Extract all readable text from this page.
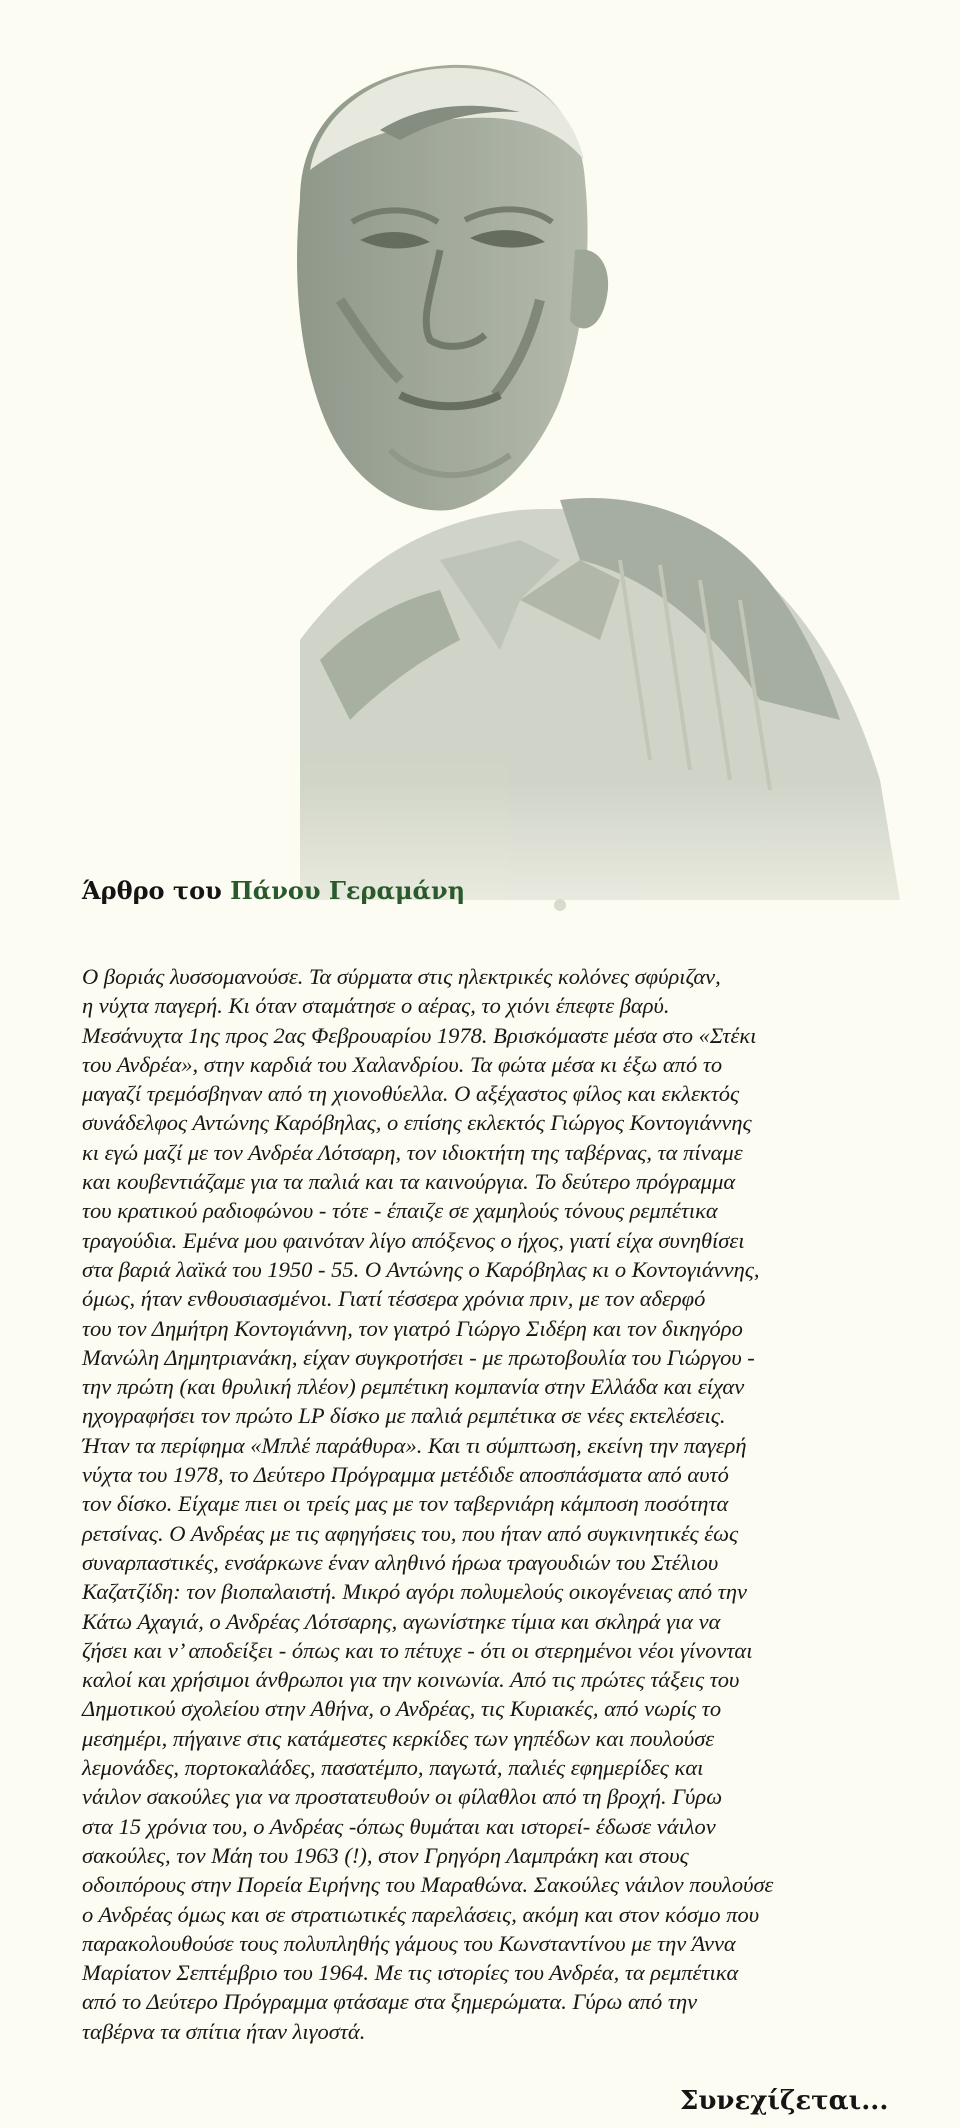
Άρθρο του Πάνου Γεραμάνη
Ο βοριάς λυσσομανούσε. Τα σύρματα στις ηλεκτρικές κολόνες σφύριζαν,
η νύχτα παγερή. Κι όταν σταμάτησε ο αέρας, το χιόνι έπεφτε βαρύ.
Μεσάνυχτα 1ης προς 2ας Φεβρουαρίου 1978. Βρισκόμαστε μέσα στο «Στέκι
του Ανδρέα», στην καρδιά του Χαλανδρίου. Τα φώτα μέσα κι έξω από το
μαγαζί τρεμόσβηναν από τη χιονοθύελλα. Ο αξέχαστος φίλος και εκλεκτός
συνάδελφος Αντώνης Καρόβηλας, ο επίσης εκλεκτός Γιώργος Κοντογιάννης
κι εγώ μαζί με τον Ανδρέα Λότσαρη, τον ιδιοκτήτη της ταβέρνας, τα πίναμε
και κουβεντιάζαμε για τα παλιά και τα καινούργια. Το δεύτερο πρόγραμμα
του κρατικού ραδιοφώνου - τότε - έπαιζε σε χαμηλούς τόνους ρεμπέτικα
τραγούδια. Εμένα μου φαινόταν λίγο απόξενος ο ήχος, γιατί είχα συνηθίσει
στα βαριά λαϊκά του 1950 - 55. Ο Αντώνης ο Καρόβηλας κι ο Κοντογιάννης,
όμως, ήταν ενθουσιασμένοι. Γιατί τέσσερα χρόνια πριν, με τον αδερφό
του τον Δημήτρη Κοντογιάννη, τον γιατρό Γιώργο Σιδέρη και τον δικηγόρο
Μανώλη Δημητριανάκη, είχαν συγκροτήσει - με πρωτοβουλία του Γιώργου -
την πρώτη (και θρυλική πλέον) ρεμπέτικη κομπανία στην Ελλάδα και είχαν
ηχογραφήσει τον πρώτο LP δίσκο με παλιά ρεμπέτικα σε νέες εκτελέσεις.
Ήταν τα περίφημα «Μπλέ παράθυρα». Και τι σύμπτωση, εκείνη την παγερή
νύχτα του 1978, το Δεύτερο Πρόγραμμα μετέδιδε αποσπάσματα από αυτό
τον δίσκο. Είχαμε πιει οι τρείς μας με τον ταβερνιάρη κάμποση ποσότητα
ρετσίνας. Ο Ανδρέας με τις αφηγήσεις του, που ήταν από συγκινητικές έως
συναρπαστικές, ενσάρκωνε έναν αληθινό ήρωα τραγουδιών του Στέλιου
Καζατζίδη: τον βιοπαλαιστή. Μικρό αγόρι πολυμελούς οικογένειας από την
Κάτω Αχαγιά, ο Ανδρέας Λότσαρης, αγωνίστηκε τίμια και σκληρά για να
ζήσει και ν’ αποδείξει - όπως και το πέτυχε - ότι οι στερημένοι νέοι γίνονται
καλοί και χρήσιμοι άνθρωποι για την κοινωνία. Από τις πρώτες τάξεις του
Δημοτικού σχολείου στην Αθήνα, ο Ανδρέας, τις Κυριακές, από νωρίς το
μεσημέρι, πήγαινε στις κατάμεστες κερκίδες των γηπέδων και πουλούσε
λεμονάδες, πορτοκαλάδες, πασατέμπο, παγωτά, παλιές εφημερίδες και
νάιλον σακούλες για να προστατευθούν οι φίλαθλοι από τη βροχή. Γύρω
στα 15 χρόνια του, ο Ανδρέας -όπως θυμάται και ιστορεί- έδωσε νάιλον
σακούλες, τον Μάη του 1963 (!), στον Γρηγόρη Λαμπράκη και στους
οδοιπόρους στην Πορεία Ειρήνης του Μαραθώνα. Σακούλες νάιλον πουλούσε
ο Ανδρέας όμως και σε στρατιωτικές παρελάσεις, ακόμη και στον κόσμο που
παρακολουθούσε τους πολυπληθής γάμους του Κωνσταντίνου με την Άννα
Μαρίατον Σεπτέμβριο του 1964. Με τις ιστορίες του Ανδρέα, τα ρεμπέτικα
από το Δεύτερο Πρόγραμμα φτάσαμε στα ξημερώματα. Γύρω από την
ταβέρνα τα σπίτια ήταν λιγοστά.
Συνεχίζεται...
